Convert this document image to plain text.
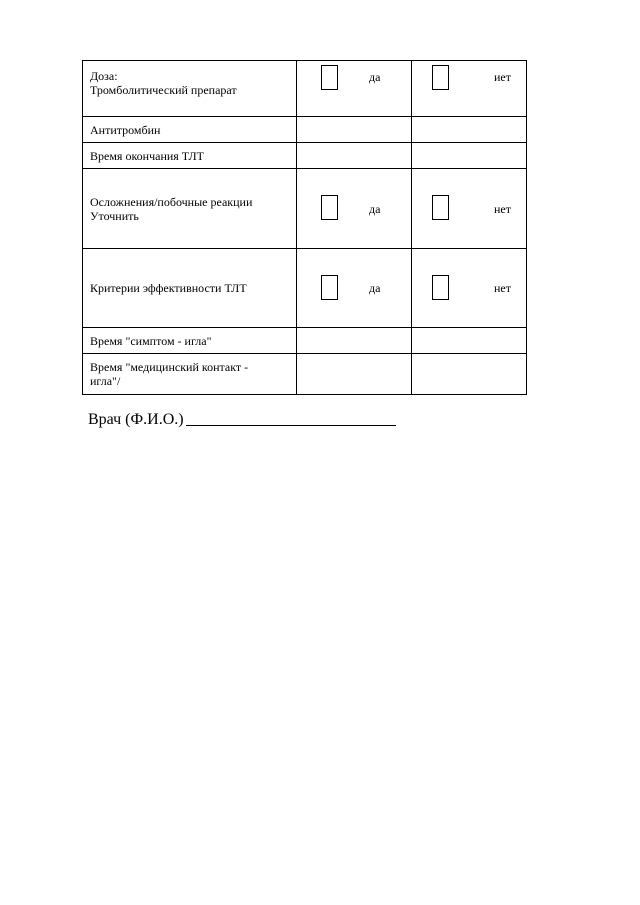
Доза:
Тромболитический препарат	да	иет

Антитромбин		

Время окончания ТЛТ		

Осложнения/побочные реакции
Уточнить	да	нет

Критерии эффективности ТЛТ	да	нет

Время "симптом - игла"		

Время "медицинский контакт -
игла"/		

Врач (Ф.И.О.)
